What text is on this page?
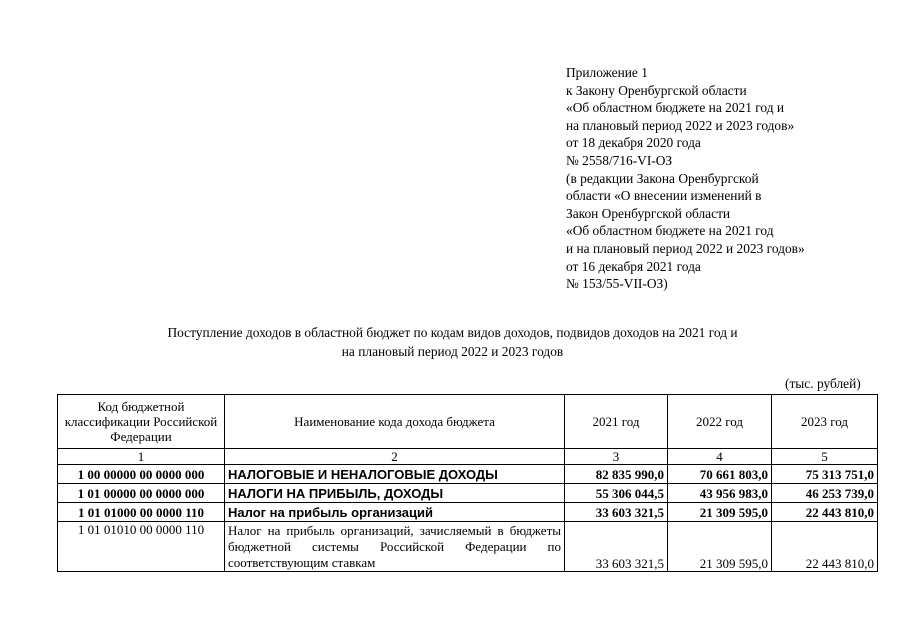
Приложение 1
к Закону Оренбургской области
«Об областном бюджете на 2021 год и
на плановый период 2022 и 2023 годов»
от 18 декабря 2020 года
№ 2558/716-VI-ОЗ
(в редакции Закона Оренбургской
области «О внесении изменений в
Закон Оренбургской области
«Об областном бюджете на 2021 год
и на плановый период 2022 и 2023 годов»
от 16 декабря 2021 года
№ 153/55-VII-ОЗ)
Поступление доходов в областной бюджет по кодам видов доходов, подвидов доходов на 2021 год и
на плановый период 2022 и 2023 годов
(тыс. рублей)
Код бюджетной классификации Российской Федерации	Наименование кода дохода бюджета	2021 год	2022 год	2023 год
1	2	3	4	5
1 00 00000 00 0000 000	НАЛОГОВЫЕ И НЕНАЛОГОВЫЕ ДОХОДЫ	82 835 990,0	70 661 803,0	75 313 751,0
1 01 00000 00 0000 000	НАЛОГИ НА ПРИБЫЛЬ, ДОХОДЫ	55 306 044,5	43 956 983,0	46 253 739,0
1 01 01000 00 0000 110	Налог на прибыль организаций	33 603 321,5	21 309 595,0	22 443 810,0
1 01 01010 00 0000 110	Налог на прибыль организаций, зачисляемый в бюджеты бюджетной системы Российской Федерации по соответствующим ставкам	33 603 321,5	21 309 595,0	22 443 810,0
